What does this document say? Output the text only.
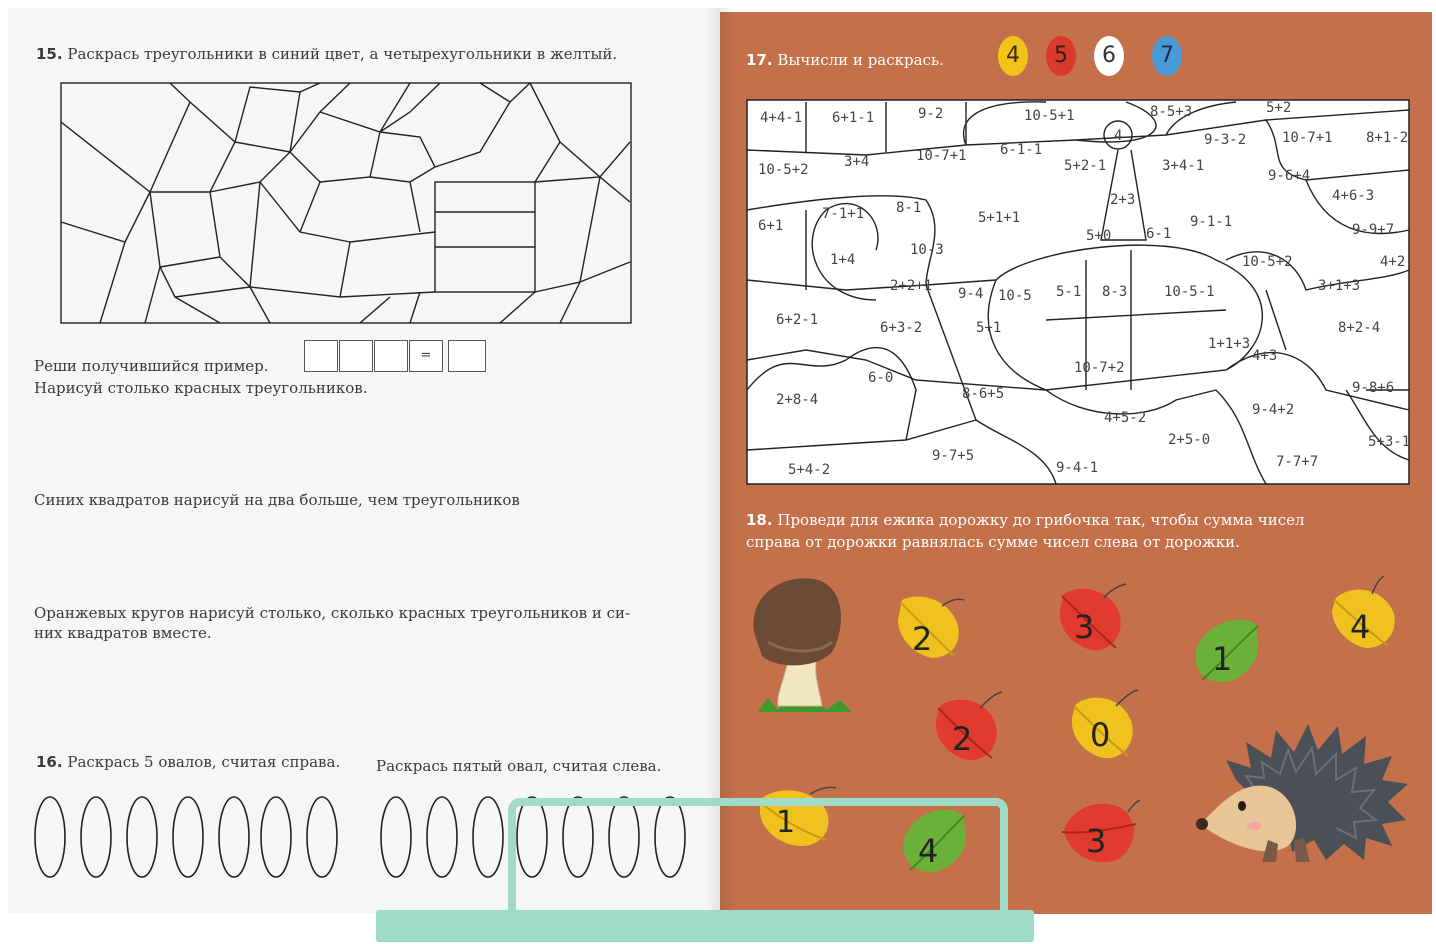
15. Раскрась треугольники в синий цвет, а четырехугольники в желтый.
Реши получившийся пример.
=
Нарисуй столько красных треугольников.
Синих квадратов нарисуй на два больше, чем треугольников
Оранжевых кругов нарисуй столько, сколько красных треугольников и си-
них квадратов вместе.
16. Раскрась 5 овалов, считая справа. Раскрась пятый овал, считая слева.
17. Вычисли и раскрась.	4	5	6	7
4+4-1 6+1-1	9-2	10-5+1	8-5+3	5+2
9-3-2	10-7+1 8+1-2
10-5+2	3+4	10-7+1 6-1-1
5+2-1	3+4-1
9-6+4
4
4+6-3
6+1
7-1+1 8-1
5+1+1
2+3
9-1-1	9-9+7
5+0 6-1
10-5+2
1+4
10-3
4+2
2+2+1	3+1+3
9-4 10-5 5-1 8-3	10-5-1
6+2-1	6+3-2	8+2-4
1+1+3
4+3
6-0
10-7+2
2+8-4	8-6+5	9-8+6
4+5-2	9-4+2
2+5-0	5+3-1
9-7+5
5+4-2	9-4-1	7-7+7
5+1
18. Проведи для ежика дорожку до грибочка так, чтобы сумма чисел
справа от дорожки равнялась сумме чисел слева от дорожки.
2	3
1
4
2	0
1
4	3
